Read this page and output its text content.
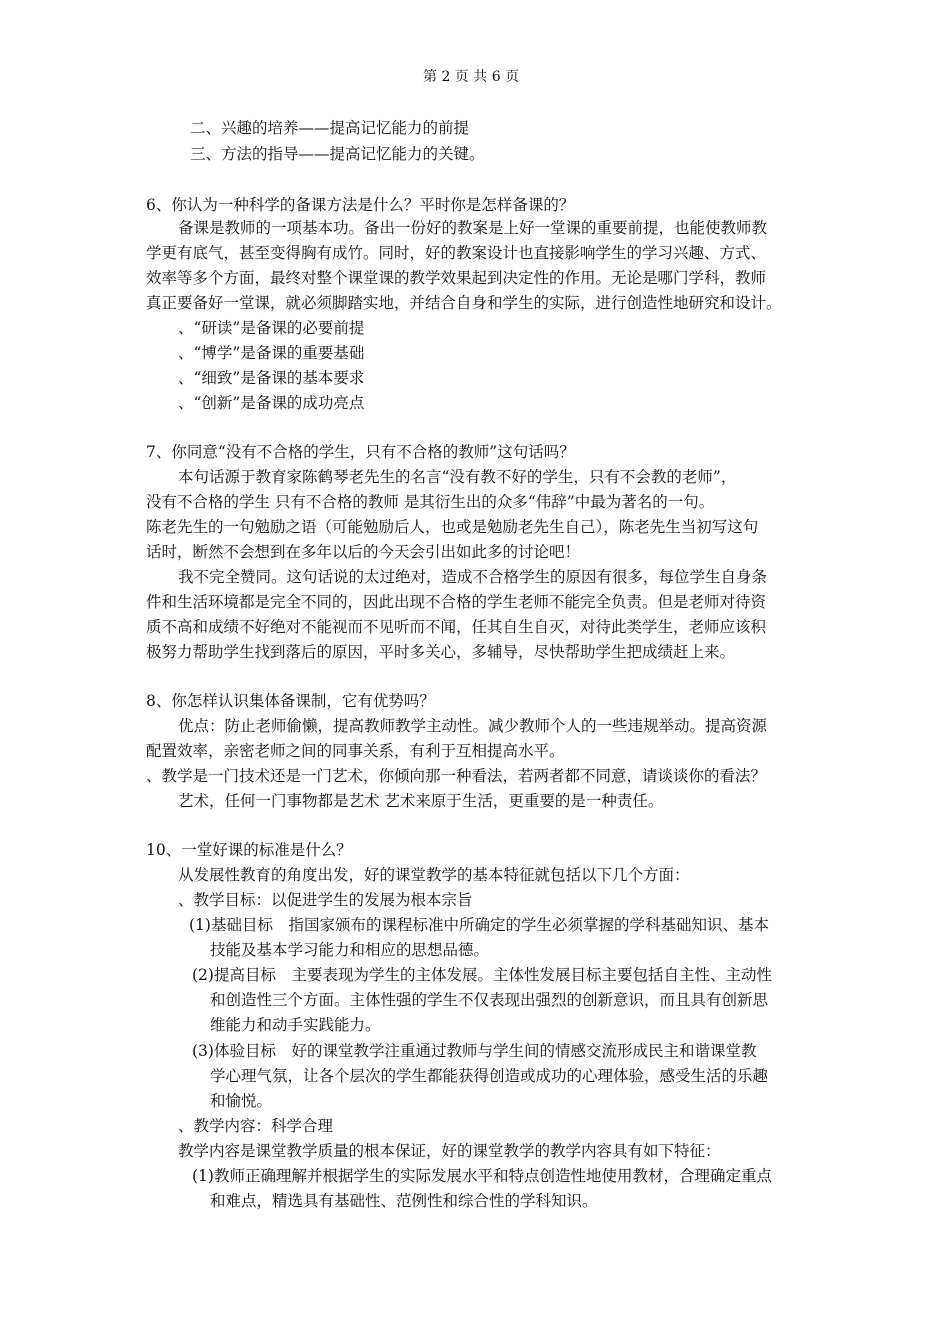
第 2 页 共 6 页
二、兴趣的培养——提高记忆能力的前提
三、方法的指导——提高记忆能力的关键。
6、你认为一种科学的备课方法是什么？平时你是怎样备课的？
备课是教师的一项基本功。备出一份好的教案是上好一堂课的重要前提，也能使教师教
学更有底气，甚至变得胸有成竹。同时，好的教案设计也直接影响学生的学习兴趣、方式、
效率等多个方面，最终对整个课堂课的教学效果起到决定性的作用。无论是哪门学科，教师
真正要备好一堂课，就必须脚踏实地，并结合自身和学生的实际，进行创造性地研究和设计。
、“研读”是备课的必要前提
、“博学”是备课的重要基础
、“细致”是备课的基本要求
、“创新”是备课的成功亮点
7、你同意“没有不合格的学生，只有不合格的教师”这句话吗？
本句话源于教育家陈鹤琴老先生的名言“没有教不好的学生，只有不会教的老师”，
没有不合格的学生 只有不合格的教师 是其衍生出的众多“伟辞”中最为著名的一句。
陈老先生的一句勉励之语（可能勉励后人，也或是勉励老先生自己），陈老先生当初写这句
话时，断然不会想到在多年以后的今天会引出如此多的讨论吧！
我不完全赞同。这句话说的太过绝对，造成不合格学生的原因有很多，每位学生自身条
件和生活环境都是完全不同的，因此出现不合格的学生老师不能完全负责。但是老师对待资
质不高和成绩不好绝对不能视而不见听而不闻，任其自生自灭，对待此类学生，老师应该积
极努力帮助学生找到落后的原因，平时多关心，多辅导，尽快帮助学生把成绩赶上来。
8、你怎样认识集体备课制，它有优势吗？
优点：防止老师偷懒，提高教师教学主动性。减少教师个人的一些违规举动。提高资源
配置效率，亲密老师之间的同事关系，有利于互相提高水平。
、教学是一门技术还是一门艺术，你倾向那一种看法，若两者都不同意，请谈谈你的看法？
艺术，任何一门事物都是艺术 艺术来原于生活，更重要的是一种责任。
10、一堂好课的标准是什么？
从发展性教育的角度出发，好的课堂教学的基本特征就包括以下几个方面：
、教学目标：以促进学生的发展为根本宗旨
(1)基础目标　指国家颁布的课程标准中所确定的学生必须掌握的学科基础知识、基本
技能及基本学习能力和相应的思想品德。
(2)提高目标　主要表现为学生的主体发展。主体性发展目标主要包括自主性、主动性
和创造性三个方面。主体性强的学生不仅表现出强烈的创新意识，而且具有创新思
维能力和动手实践能力。
(3)体验目标　好的课堂教学注重通过教师与学生间的情感交流形成民主和谐课堂教
学心理气氛，让各个层次的学生都能获得创造或成功的心理体验，感受生活的乐趣
和愉悦。
、教学内容：科学合理
教学内容是课堂教学质量的根本保证，好的课堂教学的教学内容具有如下特征：
(1)教师正确理解并根据学生的实际发展水平和特点创造性地使用教材，合理确定重点
和难点，精选具有基础性、范例性和综合性的学科知识。
